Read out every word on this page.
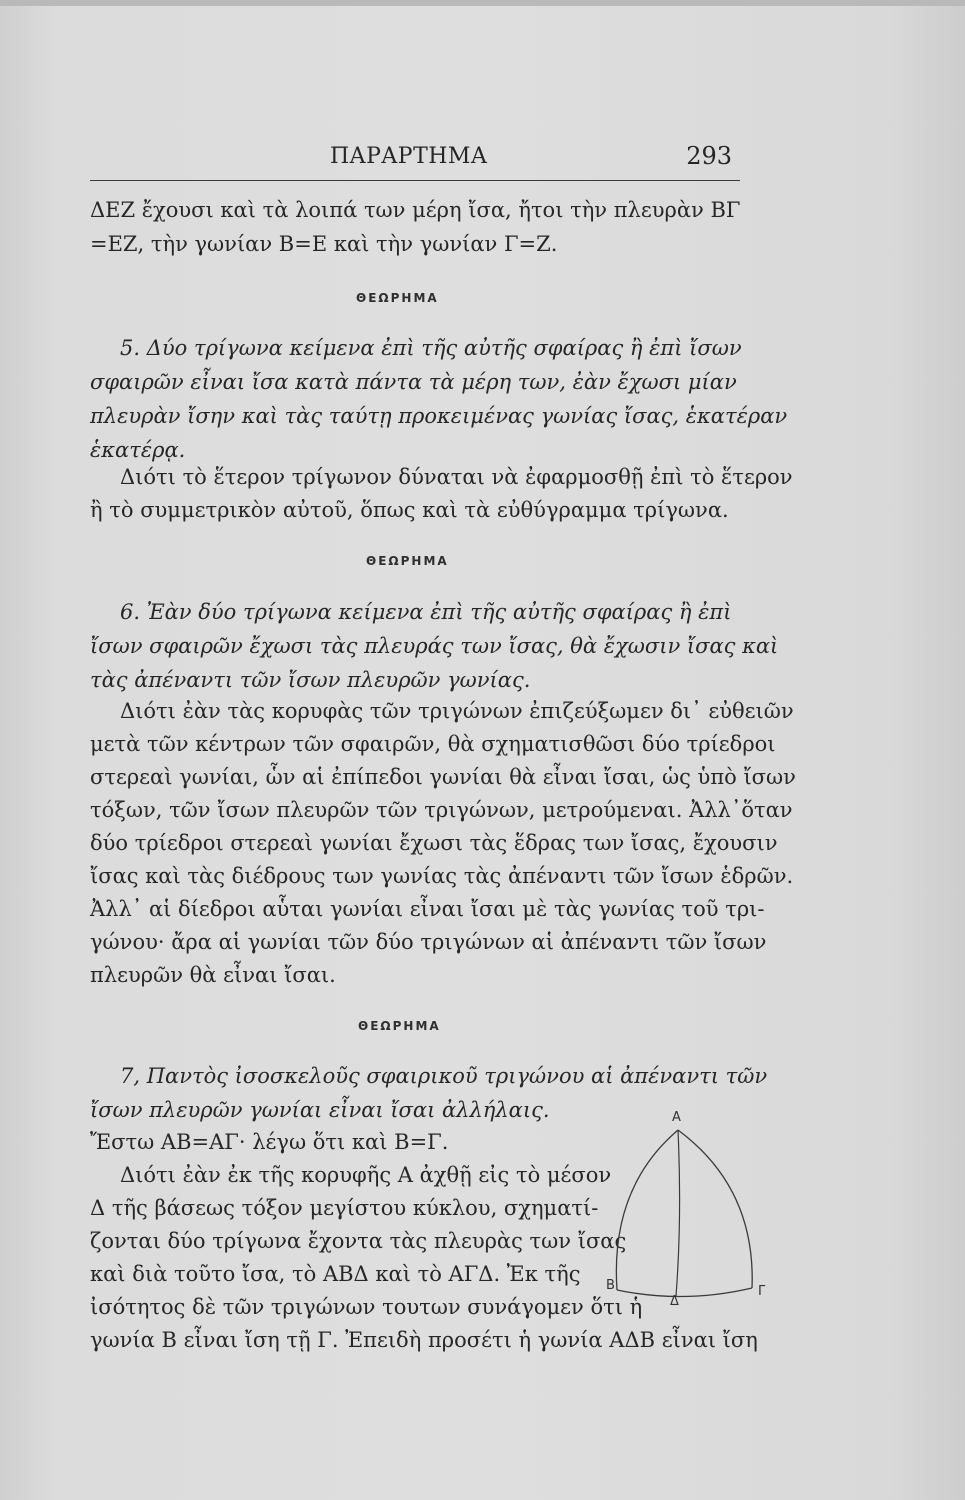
ΠΑΡΑΡΤΗΜΑ	293
ΔΕΖ ἔχουσι καὶ τὰ λοιπά των μέρη ἴσα, ἤτοι τὴν πλευρὰν ΒΓ
=ΕΖ, τὴν γωνίαν Β=Ε καὶ τὴν γωνίαν Γ=Ζ.
ΘΕΩΡΗΜΑ
5. Δύο τρίγωνα κείμενα ἐπὶ τῆς αὐτῆς σφαίρας ἢ ἐπὶ ἴσων
σφαιρῶν εἶναι ἴσα κατὰ πάντα τὰ μέρη των, ἐὰν ἔχωσι μίαν
πλευρὰν ἴσην καὶ τὰς ταύτῃ προκειμένας γωνίας ἴσας, ἑκατέραν
ἑκατέρᾳ.
Διότι τὸ ἕτερον τρίγωνον δύναται νὰ ἐφαρμοσθῇ ἐπὶ τὸ ἕτερον
ἢ τὸ συμμετρικὸν αὐτοῦ, ὅπως καὶ τὰ εὐθύγραμμα τρίγωνα.
ΘΕΩΡΗΜΑ
6. Ἐὰν δύο τρίγωνα κείμενα ἐπὶ τῆς αὐτῆς σφαίρας ἢ ἐπὶ
ἴσων σφαιρῶν ἔχωσι τὰς πλευράς των ἴσας, θὰ ἔχωσιν ἴσας καὶ
τὰς ἀπέναντι τῶν ἴσων πλευρῶν γωνίας.
Διότι ἐὰν τὰς κορυφὰς τῶν τριγώνων ἐπιζεύξωμεν δι᾽ εὐθειῶν
μετὰ τῶν κέντρων τῶν σφαιρῶν, θὰ σχηματισθῶσι δύο τρίεδροι
στερεαὶ γωνίαι, ὧν αἱ ἐπίπεδοι γωνίαι θὰ εἶναι ἴσαι, ὡς ὑπὸ ἴσων
τόξων, τῶν ἴσων πλευρῶν τῶν τριγώνων, μετρούμεναι. Ἀλλ᾽ὅταν
δύο τρίεδροι στερεαὶ γωνίαι ἔχωσι τὰς ἕδρας των ἴσας, ἔχουσιν
ἴσας καὶ τὰς διέδρους των γωνίας τὰς ἀπέναντι τῶν ἴσων ἑδρῶν.
Ἀλλ᾽ αἱ δίεδροι αὗται γωνίαι εἶναι ἴσαι μὲ τὰς γωνίας τοῦ τρι-
γώνου· ἄρα αἱ γωνίαι τῶν δύο τριγώνων αἱ ἀπέναντι τῶν ἴσων
πλευρῶν θὰ εἶναι ἴσαι.
ΘΕΩΡΗΜΑ
7, Παντὸς ἰσοσκελοῦς σφαιρικοῦ τριγώνου αἱ ἀπέναντι τῶν
ἴσων πλευρῶν γωνίαι εἶναι ἴσαι ἀλλήλαις.
Ἔστω ΑΒ=ΑΓ· λέγω ὅτι καὶ Β=Γ.
Διότι ἐὰν ἐκ τῆς κορυφῆς Α ἀχθῇ εἰς τὸ μέσον
Δ τῆς βάσεως τόξον μεγίστου κύκλου, σχηματί-
ζονται δύο τρίγωνα ἔχοντα τὰς πλευρὰς των ἴσας
καὶ διὰ τοῦτο ἴσα, τὸ ΑΒΔ καὶ τὸ ΑΓΔ. Ἐκ τῆς
ἰσότητος δὲ τῶν τριγώνων τουτων συνάγομεν ὅτι ἡ
γωνία Β εἶναι ἴση τῇ Γ. Ἐπειδὴ προσέτι ἡ γωνία ΑΔΒ εἶναι ἴση
Α
Β
Δ
Γ
